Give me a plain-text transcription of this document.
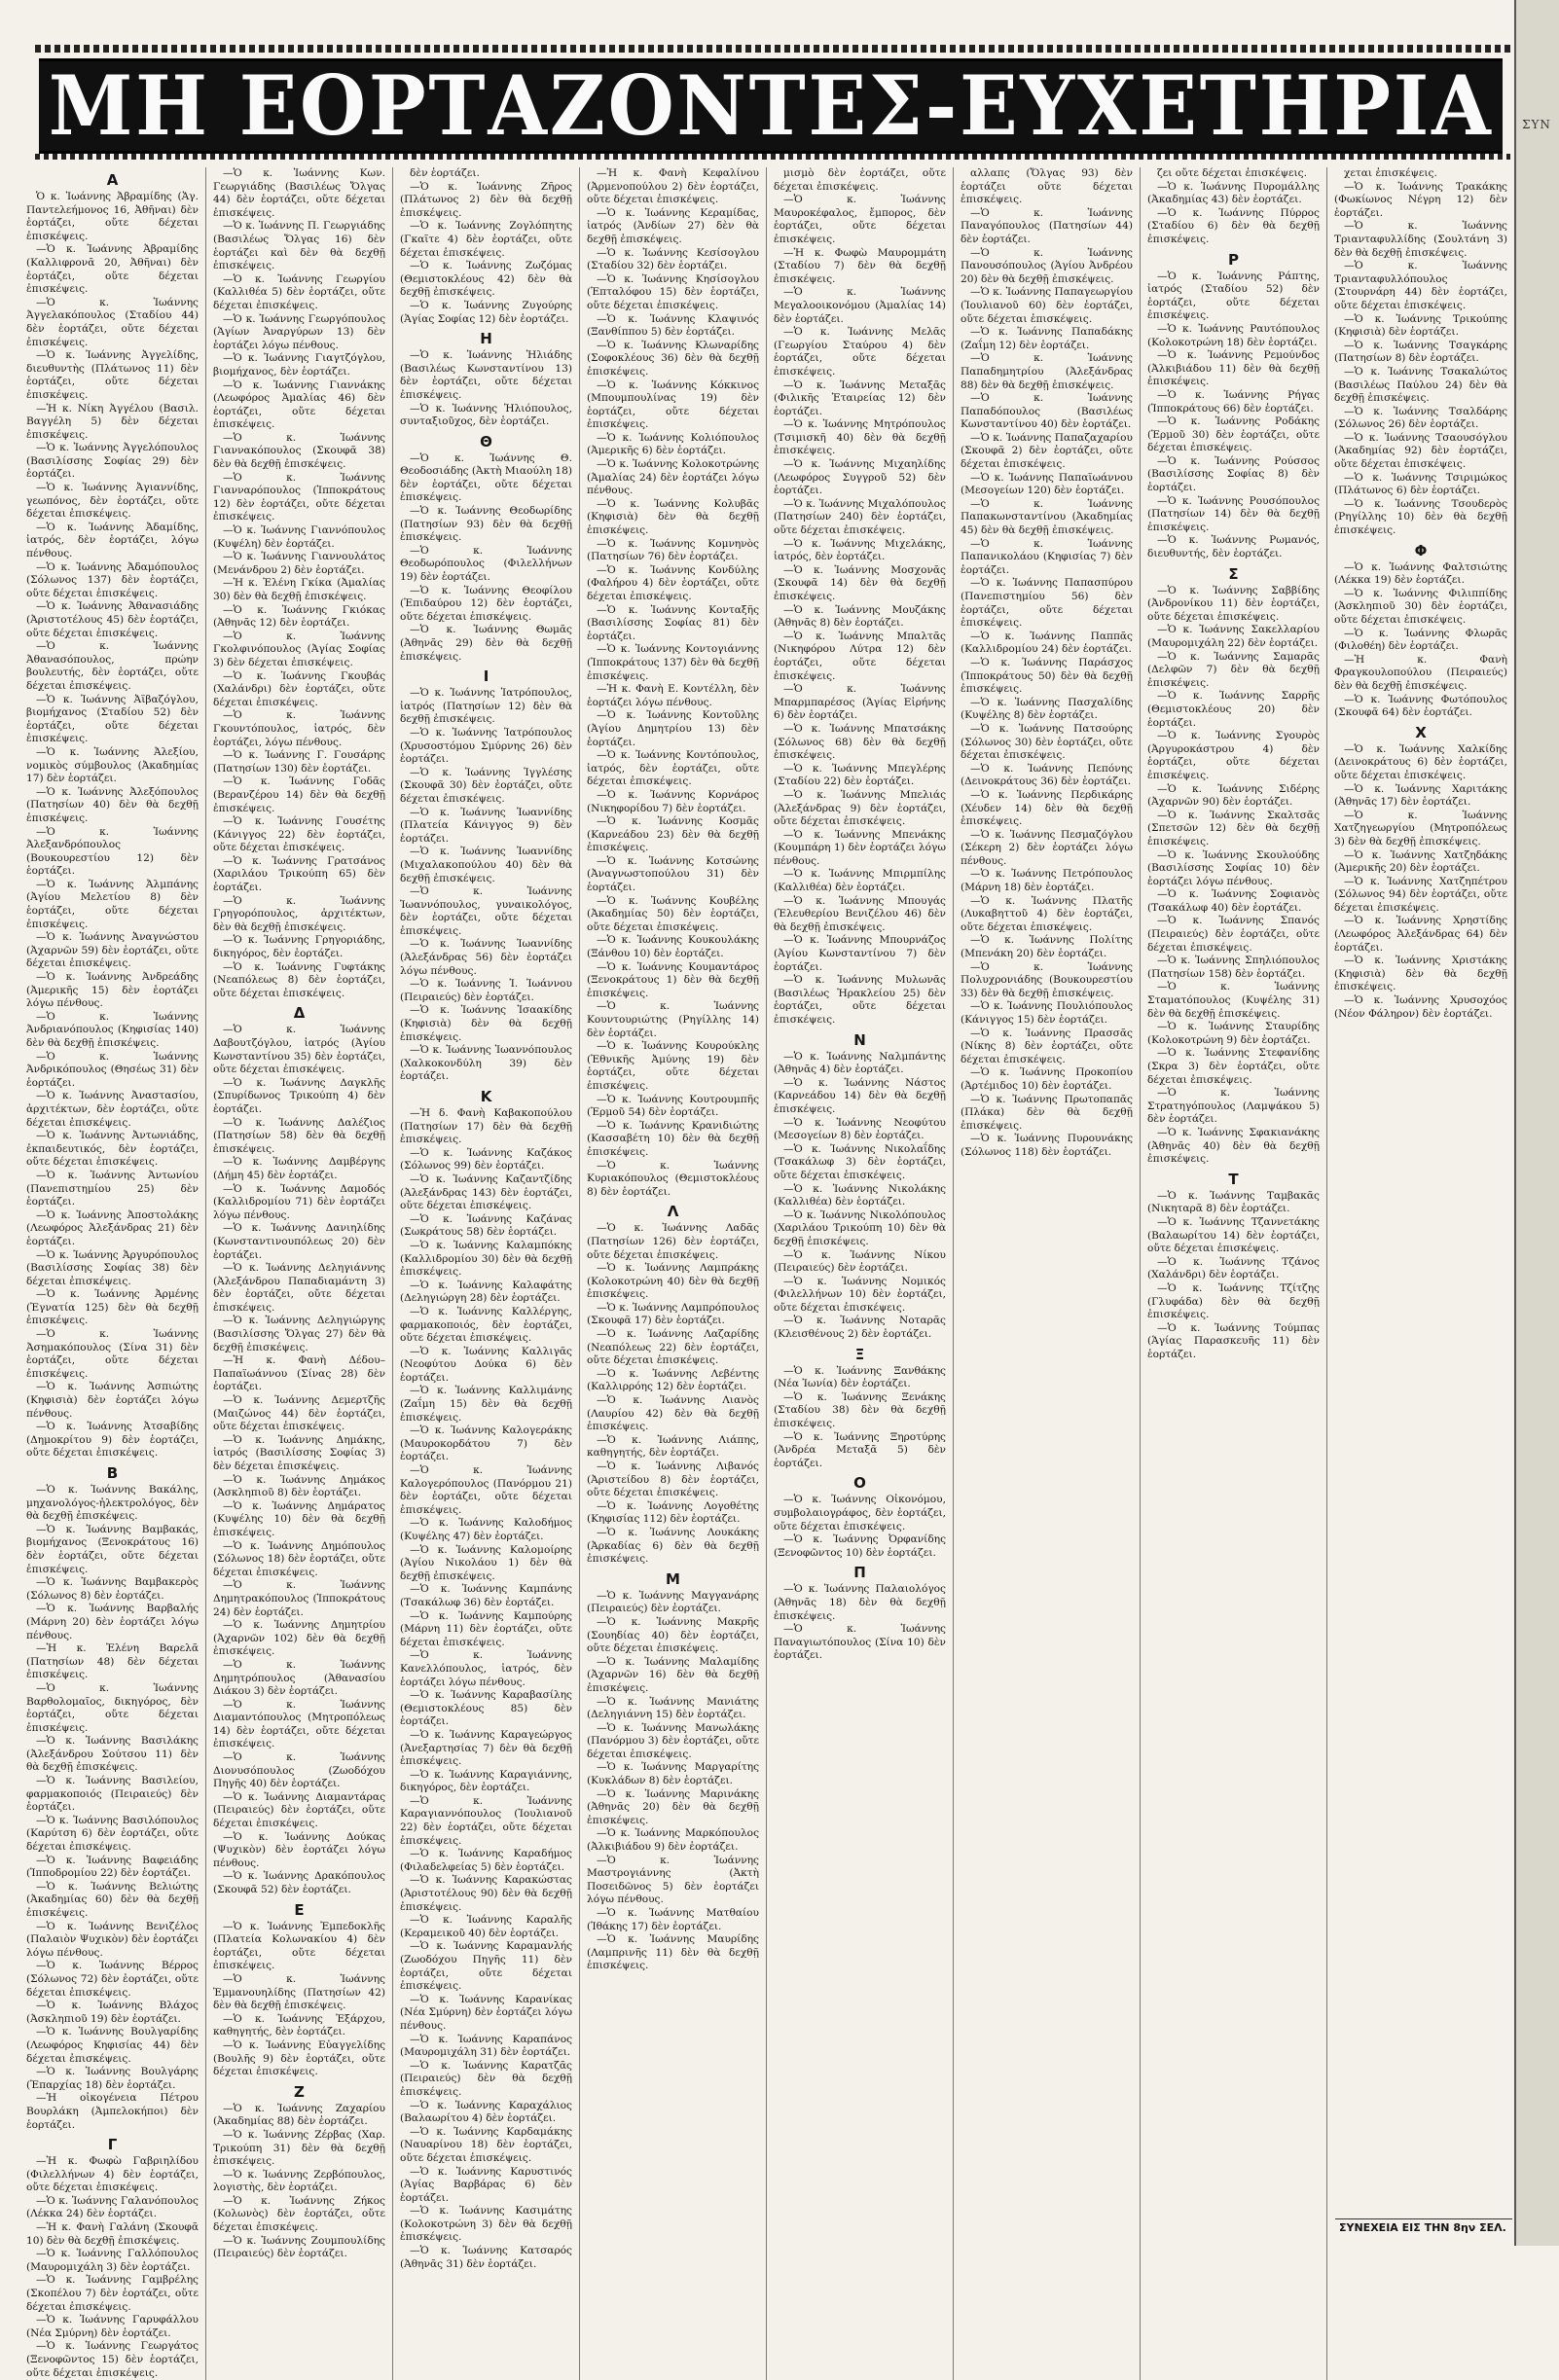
ΣΥΝ
ΜΗ ΕΟΡΤΑΖΟΝΤΕΣ-ΕΥΧΕΤΗΡΙΑ
Α
Ὁ κ. Ἰωάννης Ἀβραμίδης (Ἁγ. Παντελεήμονος 16, Ἀθῆναι) δὲν ἑορτάζει, οὔτε δέχεται ἐπισκέψεις.
—Ὁ κ. Ἰωάννης Ἀβραμίδης (Καλλιφρονᾶ 20, Ἀθῆναι) δὲν ἑορτάζει, οὔτε δέχεται ἐπισκέψεις.
—Ὁ κ. Ἰωάννης Ἀγγελακόπουλος (Σταδίου 44) δὲν ἑορτάζει, οὔτε δέχεται ἐπισκέψεις.
—Ὁ κ. Ἰωάννης Ἀγγελίδης, διευθυντὴς (Πλάτωνος 11) δὲν ἑορτάζει, οὔτε δέχεται ἐπισκέψεις.
—Ἡ κ. Νίκη Ἀγγέλου (Βασιλ. Βαγγέλη 5) δὲν δέχεται ἐπισκέψεις.
—Ὁ κ. Ἰωάννης Ἀγγελόπουλος (Βασιλίσσης Σοφίας 29) δὲν ἑορτάζει.
—Ὁ κ. Ἰωάννης Ἀγιαννίδης, γεωπόνος, δὲν ἑορτάζει, οὔτε δέχεται ἐπισκέψεις.
—Ὁ κ. Ἰωάννης Ἀδαμίδης, ἰατρός, δὲν ἑορτάζει, λόγω πένθους.
—Ὁ κ. Ἰωάννης Ἀδαμόπουλος (Σόλωνος 137) δὲν ἑορτάζει, οὔτε δέχεται ἐπισκέψεις.
—Ὁ κ. Ἰωάννης Ἀθανασιάδης (Ἀριστοτέλους 45) δὲν ἑορτάζει, οὔτε δέχεται ἐπισκέψεις.
—Ὁ κ. Ἰωάννης Ἀθανασόπουλος, πρώην βουλευτής, δὲν ἑορτάζει, οὔτε δέχεται ἐπισκέψεις.
—Ὁ κ. Ἰωάννης Ἀϊβαζόγλου, βιομήχανος (Σταδίου 52) δὲν ἑορτάζει, οὔτε δέχεται ἐπισκέψεις.
—Ὁ κ. Ἰωάννης Ἀλεξίου, νομικὸς σύμβουλος (Ἀκαδημίας 17) δὲν ἑορτάζει.
—Ὁ κ. Ἰωάννης Ἀλεξόπουλος (Πατησίων 40) δὲν θὰ δεχθῇ ἐπισκέψεις.
—Ὁ κ. Ἰωάννης Ἀλεξανδρόπουλος (Βουκουρεστίου 12) δὲν ἑορτάζει.
—Ὁ κ. Ἰωάννης Ἀλμπάνης (Ἀγίου Μελετίου 8) δὲν ἑορτάζει, οὔτε δέχεται ἐπισκέψεις.
—Ὁ κ. Ἰωάννης Ἀναγνώστου (Ἀχαρνῶν 59) δὲν ἑορτάζει, οὔτε δέχεται ἐπισκέψεις.
—Ὁ κ. Ἰωάννης Ἀνδρεάδης (Ἀμερικῆς 15) δὲν ἑορτάζει λόγω πένθους.
—Ὁ κ. Ἰωάννης Ἀνδριανόπουλος (Κηφισίας 140) δὲν θὰ δεχθῇ ἐπισκέψεις.
—Ὁ κ. Ἰωάννης Ἀνδρικόπουλος (Θησέως 31) δὲν ἑορτάζει.
—Ὁ κ. Ἰωάννης Ἀναστασίου, ἀρχιτέκτων, δὲν ἑορτάζει, οὔτε δέχεται ἐπισκέψεις.
—Ὁ κ. Ἰωάννης Ἀντωνιάδης, ἐκπαιδευτικός, δὲν ἑορτάζει, οὔτε δέχεται ἐπισκέψεις.
—Ὁ κ. Ἰωάννης Ἀντωνίου (Πανεπιστημίου 25) δὲν ἑορτάζει.
—Ὁ κ. Ἰωάννης Ἀποστολάκης (Λεωφόρος Ἀλεξάνδρας 21) δὲν ἑορτάζει.
—Ὁ κ. Ἰωάννης Ἀργυρόπουλος (Βασιλίσσης Σοφίας 38) δὲν δέχεται ἐπισκέψεις.
—Ὁ κ. Ἰωάννης Ἀρμένης (Ἐγνατία 125) δὲν θὰ δεχθῇ ἐπισκέψεις.
—Ὁ κ. Ἰωάννης Ἀσημακόπουλος (Σίνα 31) δὲν ἑορτάζει, οὔτε δέχεται ἐπισκέψεις.
—Ὁ κ. Ἰωάννης Ἀσπιώτης (Κηφισιὰ) δὲν ἑορτάζει λόγω πένθους.
—Ὁ κ. Ἰωάννης Ἀτσαβίδης (Δημοκρίτου 9) δὲν ἑορτάζει, οὔτε δέχεται ἐπισκέψεις.
Β
—Ὁ κ. Ἰωάννης Βακάλης, μηχανολόγος-ἠλεκτρολόγος, δὲν θὰ δεχθῇ ἐπισκέψεις.
—Ὁ κ. Ἰωάννης Βαμβακάς, βιομήχανος (Ξενοκράτους 16) δὲν ἑορτάζει, οὔτε δέχεται ἐπισκέψεις.
—Ὁ κ. Ἰωάννης Βαμβακερὸς (Σόλωνος 8) δὲν ἑορτάζει.
—Ὁ κ. Ἰωάννης Βαρβαλής (Μάρνη 20) δὲν ἑορτάζει λόγω πένθους.
—Ἡ κ. Ἑλένη Βαρελᾶ (Πατησίων 48) δὲν δέχεται ἐπισκέψεις.
—Ὁ κ. Ἰωάννης Βαρθολομαῖος, δικηγόρος, δὲν ἑορτάζει, οὔτε δέχεται ἐπισκέψεις.
—Ὁ κ. Ἰωάννης Βασιλάκης (Ἀλεξάνδρου Σούτσου 11) δὲν θὰ δεχθῇ ἐπισκέψεις.
—Ὁ κ. Ἰωάννης Βασιλείου, φαρμακοποιός (Πειραιεύς) δὲν ἑορτάζει.
—Ὁ κ. Ἰωάννης Βασιλόπουλος (Καρύτση 6) δὲν ἑορτάζει, οὔτε δέχεται ἐπισκέψεις.
—Ὁ κ. Ἰωάννης Βαφειάδης (Ἱπποδρομίου 22) δὲν ἑορτάζει.
—Ὁ κ. Ἰωάννης Βελιώτης (Ἀκαδημίας 60) δὲν θὰ δεχθῇ ἐπισκέψεις.
—Ὁ κ. Ἰωάννης Βενιζέλος (Παλαιὸν Ψυχικὸν) δὲν ἑορτάζει λόγω πένθους.
—Ὁ κ. Ἰωάννης Βέρρος (Σόλωνος 72) δὲν ἑορτάζει, οὔτε δέχεται ἐπισκέψεις.
—Ὁ κ. Ἰωάννης Βλάχος (Ἀσκληπιοῦ 19) δὲν ἑορτάζει.
—Ὁ κ. Ἰωάννης Βουλγαρίδης (Λεωφόρος Κηφισίας 44) δὲν δέχεται ἐπισκέψεις.
—Ὁ κ. Ἰωάννης Βουλγάρης (Ἐπαρχίας 18) δὲν ἑορτάζει.
—Ἡ οἰκογένεια Πέτρου Βουρλάκη (Ἀμπελοκήποι) δὲν ἑορτάζει.
Γ
—Ἡ κ. Φωφὼ Γαβριηλίδου (Φιλελλήνων 4) δὲν ἑορτάζει, οὔτε δέχεται ἐπισκέψεις.
—Ὁ κ. Ἰωάννης Γαλανόπουλος (Λέκκα 24) δὲν ἑορτάζει.
—Ἡ κ. Φανὴ Γαλάνη (Σκουφᾶ 10) δὲν θὰ δεχθῇ ἐπισκέψεις.
—Ὁ κ. Ἰωάννης Γαλλόπουλος (Μαυρομιχάλη 3) δὲν ἑορτάζει.
—Ὁ κ. Ἰωάννης Γαμβρέλης (Σκοπέλου 7) δὲν ἑορτάζει, οὔτε δέχεται ἐπισκέψεις.
—Ὁ κ. Ἰωάννης Γαρυφάλλου (Νέα Σμύρνη) δὲν ἑορτάζει.
—Ὁ κ. Ἰωάννης Γεωργάτος (Ξενοφῶντος 15) δὲν ἑορτάζει, οὔτε δέχεται ἐπισκέψεις.
—Ὁ κ. Ἰωάννης Κων. Γεωργιάδης (Βασιλέως Ὄλγας 44) δὲν ἑορτάζει, οὔτε δέχεται ἐπισκέψεις.
—Ὁ κ. Ἰωάννης Π. Γεωργιάδης (Βασιλέως Ὄλγας 16) δὲν ἑορτάζει καὶ δὲν θὰ δεχθῇ ἐπισκέψεις.
—Ὁ κ. Ἰωάννης Γεωργίου (Καλλιθέα 5) δὲν ἑορτάζει, οὔτε δέχεται ἐπισκέψεις.
—Ὁ κ. Ἰωάννης Γεωργόπουλος (Ἁγίων Ἀναργύρων 13) δὲν ἑορτάζει λόγω πένθους.
—Ὁ κ. Ἰωάννης Γιαγτζόγλου, βιομήχανος, δὲν ἑορτάζει.
—Ὁ κ. Ἰωάννης Γιαννάκης (Λεωφόρος Ἀμαλίας 46) δὲν ἑορτάζει, οὔτε δέχεται ἐπισκέψεις.
—Ὁ κ. Ἰωάννης Γιαννακόπουλος (Σκουφᾶ 38) δὲν θὰ δεχθῇ ἐπισκέψεις.
—Ὁ κ. Ἰωάννης Γιανναρόπουλος (Ἱπποκράτους 12) δὲν ἑορτάζει, οὔτε δέχεται ἐπισκέψεις.
—Ὁ κ. Ἰωάννης Γιαννόπουλος (Κυψέλη) δὲν ἑορτάζει.
—Ὁ κ. Ἰωάννης Γιαννουλάτος (Μενάνδρου 2) δὲν ἑορτάζει.
—Ἡ κ. Ἑλένη Γκίκα (Ἀμαλίας 30) δὲν θὰ δεχθῇ ἐπισκέψεις.
—Ὁ κ. Ἰωάννης Γκιόκας (Ἀθηνᾶς 12) δὲν ἑορτάζει.
—Ὁ κ. Ἰωάννης Γκολφινόπουλος (Ἀγίας Σοφίας 3) δὲν δέχεται ἐπισκέψεις.
—Ὁ κ. Ἰωάννης Γκουβάς (Χαλάνδρι) δὲν ἑορτάζει, οὔτε δέχεται ἐπισκέψεις.
—Ὁ κ. Ἰωάννης Γκουντόπουλος, ἰατρός, δὲν ἑορτάζει, λόγω πένθους.
—Ὁ κ. Ἰωάννης Γ. Γουσάρης (Πατησίων 130) δὲν ἑορτάζει.
—Ὁ κ. Ἰωάννης Γοδᾶς (Βερανζέρου 14) δὲν θὰ δεχθῇ ἐπισκέψεις.
—Ὁ κ. Ἰωάννης Γουσέτης (Κάνιγγος 22) δὲν ἑορτάζει, οὔτε δέχεται ἐπισκέψεις.
—Ὁ κ. Ἰωάννης Γρατσάνος (Χαριλάου Τρικούπη 65) δὲν ἑορτάζει.
—Ὁ κ. Ἰωάννης Γρηγορόπουλος, ἀρχιτέκτων, δὲν θὰ δεχθῇ ἐπισκέψεις.
—Ὁ κ. Ἰωάννης Γρηγοριάδης, δικηγόρος, δὲν ἑορτάζει.
—Ὁ κ. Ἰωάννης Γυφτάκης (Νεαπόλεως 8) δὲν ἑορτάζει, οὔτε δέχεται ἐπισκέψεις.
Δ
—Ὁ κ. Ἰωάννης Δαβουτζόγλου, ἰατρός (Ἀγίου Κωνσταντίνου 35) δὲν ἑορτάζει, οὔτε δέχεται ἐπισκέψεις.
—Ὁ κ. Ἰωάννης Δαγκλῆς (Σπυρίδωνος Τρικούπη 4) δὲν ἑορτάζει.
—Ὁ κ. Ἰωάννης Δαλέζιος (Πατησίων 58) δὲν θὰ δεχθῇ ἐπισκέψεις.
—Ὁ κ. Ἰωάννης Δαμβέργης (Δήμη 45) δὲν ἑορτάζει.
—Ὁ κ. Ἰωάννης Δαμοδός (Καλλιδρομίου 71) δὲν ἑορτάζει λόγω πένθους.
—Ὁ κ. Ἰωάννης Δανιηλίδης (Κωνσταντινουπόλεως 20) δὲν ἑορτάζει.
—Ὁ κ. Ἰωάννης Δεληγιάννης (Ἀλεξάνδρου Παπαδιαμάντη 3) δὲν ἑορτάζει, οὔτε δέχεται ἐπισκέψεις.
—Ὁ κ. Ἰωάννης Δεληγιώργης (Βασιλίσσης Ὄλγας 27) δὲν θὰ δεχθῇ ἐπισκέψεις.
—Ἡ κ. Φανὴ Δέδου–Παπαϊωάννου (Σίνας 28) δὲν ἑορτάζει.
—Ὁ κ. Ἰωάννης Δεμερτζῆς (Μαιζώνος 44) δὲν ἑορτάζει, οὔτε δέχεται ἐπισκέψεις.
—Ὁ κ. Ἰωάννης Δημάκης, ἰατρός (Βασιλίσσης Σοφίας 3) δὲν δέχεται ἐπισκέψεις.
—Ὁ κ. Ἰωάννης Δημάκος (Ἀσκληπιοῦ 8) δὲν ἑορτάζει.
—Ὁ κ. Ἰωάννης Δημάρατος (Κυψέλης 10) δὲν θὰ δεχθῇ ἐπισκέψεις.
—Ὁ κ. Ἰωάννης Δημόπουλος (Σόλωνος 18) δὲν ἑορτάζει, οὔτε δέχεται ἐπισκέψεις.
—Ὁ κ. Ἰωάννης Δημητρακόπουλος (Ἱπποκράτους 24) δὲν ἑορτάζει.
—Ὁ κ. Ἰωάννης Δημητρίου (Ἀχαρνῶν 102) δὲν θὰ δεχθῇ ἐπισκέψεις.
—Ὁ κ. Ἰωάννης Δημητρόπουλος (Ἀθανασίου Διάκου 3) δὲν ἑορτάζει.
—Ὁ κ. Ἰωάννης Διαμαντόπουλος (Μητροπόλεως 14) δὲν ἑορτάζει, οὔτε δέχεται ἐπισκέψεις.
—Ὁ κ. Ἰωάννης Διονυσόπουλος (Ζωοδόχου Πηγῆς 40) δὲν ἑορτάζει.
—Ὁ κ. Ἰωάννης Διαμαντάρας (Πειραιεύς) δὲν ἑορτάζει, οὔτε δέχεται ἐπισκέψεις.
—Ὁ κ. Ἰωάννης Δούκας (Ψυχικὸν) δὲν ἑορτάζει λόγω πένθους.
—Ὁ κ. Ἰωάννης Δρακόπουλος (Σκουφᾶ 52) δὲν ἑορτάζει.
Ε
—Ὁ κ. Ἰωάννης Ἐμπεδοκλῆς (Πλατεία Κολωνακίου 4) δὲν ἑορτάζει, οὔτε δέχεται ἐπισκέψεις.
—Ὁ κ. Ἰωάννης Ἐμμανουηλίδης (Πατησίων 42) δὲν θὰ δεχθῇ ἐπισκέψεις.
—Ὁ κ. Ἰωάννης Ἐξάρχου, καθηγητής, δὲν ἑορτάζει.
—Ὁ κ. Ἰωάννης Εὐαγγελίδης (Βουλῆς 9) δὲν ἑορτάζει, οὔτε δέχεται ἐπισκέψεις.
Ζ
—Ὁ κ. Ἰωάννης Ζαχαρίου (Ἀκαδημίας 88) δὲν ἑορτάζει.
—Ὁ κ. Ἰωάννης Ζέρβας (Χαρ. Τρικούπη 31) δὲν θὰ δεχθῇ ἐπισκέψεις.
—Ὁ κ. Ἰωάννης Ζερβόπουλος, λογιστὴς, δὲν ἑορτάζει.
—Ὁ κ. Ἰωάννης Ζήκος (Κολωνὸς) δὲν ἑορτάζει, οὔτε δέχεται ἐπισκέψεις.
—Ὁ κ. Ἰωάννης Ζουμπουλίδης (Πειραιεύς) δὲν ἑορτάζει.
δὲν ἑορτάζει.
—Ὁ κ. Ἰωάννης Ζῆρος (Πλάτωνος 2) δὲν θὰ δεχθῇ ἐπισκέψεις.
—Ὁ κ. Ἰωάννης Ζογλόπητης (Γκαῖτε 4) δὲν ἑορτάζει, οὔτε δέχεται ἐπισκέψεις.
—Ὁ κ. Ἰωάννης Ζωζόμας (Θεμιστοκλέους 42) δὲν θὰ δεχθῇ ἐπισκέψεις.
—Ὁ κ. Ἰωάννης Ζυγούρης (Ἁγίας Σοφίας 12) δὲν ἑορτάζει.
Η
—Ὁ κ. Ἰωάννης Ἠλιάδης (Βασιλέως Κωνσταντίνου 13) δὲν ἑορτάζει, οὔτε δέχεται ἐπισκέψεις.
—Ὁ κ. Ἰωάννης Ἠλιόπουλος, συνταξιοῦχος, δὲν ἑορτάζει.
Θ
—Ὁ κ. Ἰωάννης Θ. Θεοδοσιάδης (Ἀκτὴ Μιαούλη 18) δὲν ἑορτάζει, οὔτε δέχεται ἐπισκέψεις.
—Ὁ κ. Ἰωάννης Θεοδωρίδης (Πατησίων 93) δὲν θὰ δεχθῇ ἐπισκέψεις.
—Ὁ κ. Ἰωάννης Θεοδωρόπουλος (Φιλελλήνων 19) δὲν ἑορτάζει.
—Ὁ κ. Ἰωάννης Θεοφίλου (Ἐπιδαύρου 12) δὲν ἑορτάζει, οὔτε δέχεται ἐπισκέψεις.
—Ὁ κ. Ἰωάννης Θωμᾶς (Ἀθηνᾶς 29) δὲν θὰ δεχθῇ ἐπισκέψεις.
Ι
—Ὁ κ. Ἰωάννης Ἰατρόπουλος, ἰατρός (Πατησίων 12) δὲν θὰ δεχθῇ ἐπισκέψεις.
—Ὁ κ. Ἰωάννης Ἰατρόπουλος (Χρυσοστόμου Σμύρνης 26) δὲν ἑορτάζει.
—Ὁ κ. Ἰωάννης Ἰγγλέσης (Σκουφᾶ 30) δὲν ἑορτάζει, οὔτε δέχεται ἐπισκέψεις.
—Ὁ κ. Ἰωάννης Ἰωαννίδης (Πλατεία Κάνιγγος 9) δὲν ἑορτάζει.
—Ὁ κ. Ἰωάννης Ἰωαννίδης (Μιχαλακοπούλου 40) δὲν θὰ δεχθῇ ἐπισκέψεις.
—Ὁ κ. Ἰωάννης Ἰωαννόπουλος, γυναικολόγος, δὲν ἑορτάζει, οὔτε δέχεται ἐπισκέψεις.
—Ὁ κ. Ἰωάννης Ἰωαννίδης (Ἀλεξάνδρας 56) δὲν ἑορτάζει λόγω πένθους.
—Ὁ κ. Ἰωάννης Ἰ. Ἰωάννου (Πειραιεύς) δὲν ἑορτάζει.
—Ὁ κ. Ἰωάννης Ἰσαακίδης (Κηφισιὰ) δὲν θὰ δεχθῇ ἐπισκέψεις.
—Ὁ κ. Ἰωάννης Ἰωαννόπουλος (Χαλκοκονδύλη 39) δὲν ἑορτάζει.
Κ
—Ἡ δ. Φανὴ Καβακοπούλου (Πατησίων 17) δὲν θὰ δεχθῇ ἐπισκέψεις.
—Ὁ κ. Ἰωάννης Καζάκος (Σόλωνος 99) δὲν ἑορτάζει.
—Ὁ κ. Ἰωάννης Καζαντζίδης (Ἀλεξάνδρας 143) δὲν ἑορτάζει, οὔτε δέχεται ἐπισκέψεις.
—Ὁ κ. Ἰωάννης Καζάνας (Σωκράτους 58) δὲν ἑορτάζει.
—Ὁ κ. Ἰωάννης Καλαμπόκης (Καλλιδρομίου 30) δὲν θὰ δεχθῇ ἐπισκέψεις.
—Ὁ κ. Ἰωάννης Καλαφάτης (Δεληγιώργη 28) δὲν ἑορτάζει.
—Ὁ κ. Ἰωάννης Καλλέργης, φαρμακοποιός, δὲν ἑορτάζει, οὔτε δέχεται ἐπισκέψεις.
—Ὁ κ. Ἰωάννης Καλλιγᾶς (Νεοφύτου Δούκα 6) δὲν ἑορτάζει.
—Ὁ κ. Ἰωάννης Καλλιμάνης (Ζαΐμη 15) δὲν θὰ δεχθῇ ἐπισκέψεις.
—Ὁ κ. Ἰωάννης Καλογεράκης (Μαυροκορδάτου 7) δὲν ἑορτάζει.
—Ὁ κ. Ἰωάννης Καλογερόπουλος (Πανόρμου 21) δὲν ἑορτάζει, οὔτε δέχεται ἐπισκέψεις.
—Ὁ κ. Ἰωάννης Καλοδήμος (Κυψέλης 47) δὲν ἑορτάζει.
—Ὁ κ. Ἰωάννης Καλομοίρης (Ἀγίου Νικολάου 1) δὲν θὰ δεχθῇ ἐπισκέψεις.
—Ὁ κ. Ἰωάννης Καμπάνης (Τσακάλωφ 36) δὲν ἑορτάζει.
—Ὁ κ. Ἰωάννης Καμπούρης (Μάρνη 11) δὲν ἑορτάζει, οὔτε δέχεται ἐπισκέψεις.
—Ὁ κ. Ἰωάννης Κανελλόπουλος, ἰατρός, δὲν ἑορτάζει λόγω πένθους.
—Ὁ κ. Ἰωάννης Καραβασίλης (Θεμιστοκλέους 85) δὲν ἑορτάζει.
—Ὁ κ. Ἰωάννης Καραγεώργος (Ἀνεξαρτησίας 7) δὲν θὰ δεχθῇ ἐπισκέψεις.
—Ὁ κ. Ἰωάννης Καραγιάννης, δικηγόρος, δὲν ἑορτάζει.
—Ὁ κ. Ἰωάννης Καραγιαννόπουλος (Ἰουλιανοῦ 22) δὲν ἑορτάζει, οὔτε δέχεται ἐπισκέψεις.
—Ὁ κ. Ἰωάννης Καραδήμος (Φιλαδελφείας 5) δὲν ἑορτάζει.
—Ὁ κ. Ἰωάννης Καρακώστας (Ἀριστοτέλους 90) δὲν θὰ δεχθῇ ἐπισκέψεις.
—Ὁ κ. Ἰωάννης Καραλῆς (Κεραμεικοῦ 40) δὲν ἑορτάζει.
—Ὁ κ. Ἰωάννης Καραμανλής (Ζωοδόχου Πηγῆς 11) δὲν ἑορτάζει, οὔτε δέχεται ἐπισκέψεις.
—Ὁ κ. Ἰωάννης Καρανίκας (Νέα Σμύρνη) δὲν ἑορτάζει λόγω πένθους.
—Ὁ κ. Ἰωάννης Καραπάνος (Μαυρομιχάλη 31) δὲν ἑορτάζει.
—Ὁ κ. Ἰωάννης Καρατζᾶς (Πειραιεύς) δὲν θὰ δεχθῇ ἐπισκέψεις.
—Ὁ κ. Ἰωάννης Καραχάλιος (Βαλαωρίτου 4) δὲν ἑορτάζει.
—Ὁ κ. Ἰωάννης Καρδαμάκης (Ναυαρίνου 18) δὲν ἑορτάζει, οὔτε δέχεται ἐπισκέψεις.
—Ὁ κ. Ἰωάννης Καρυστινός (Ἀγίας Βαρβάρας 6) δὲν ἑορτάζει.
—Ὁ κ. Ἰωάννης Κασιμάτης (Κολοκοτρώνη 3) δὲν θὰ δεχθῇ ἐπισκέψεις.
—Ὁ κ. Ἰωάννης Κατσαρός (Ἀθηνᾶς 31) δὲν ἑορτάζει.
—Ἡ κ. Φανὴ Κεφαλίνου (Ἀρμενοπούλου 2) δὲν ἑορτάζει, οὔτε δέχεται ἐπισκέψεις.
—Ὁ κ. Ἰωάννης Κεραμίδας, ἰατρός (Ἀνδίων 27) δὲν θὰ δεχθῇ ἐπισκέψεις.
—Ὁ κ. Ἰωάννης Κεσίσογλου (Σταδίου 32) δὲν ἑορτάζει.
—Ὁ κ. Ἰωάννης Κησίσογλου (Ἐπταλόφου 15) δὲν ἑορτάζει, οὔτε δέχεται ἐπισκέψεις.
—Ὁ κ. Ἰωάννης Κλαψινός (Ξανθίππου 5) δὲν ἑορτάζει.
—Ὁ κ. Ἰωάννης Κλωναρίδης (Σοφοκλέους 36) δὲν θὰ δεχθῇ ἐπισκέψεις.
—Ὁ κ. Ἰωάννης Κόκκινος (Μπουμπουλίνας 19) δὲν ἑορτάζει, οὔτε δέχεται ἐπισκέψεις.
—Ὁ κ. Ἰωάννης Κολιόπουλος (Ἀμερικῆς 6) δὲν ἑορτάζει.
—Ὁ κ. Ἰωάννης Κολοκοτρώνης (Ἀμαλίας 24) δὲν ἑορτάζει λόγω πένθους.
—Ὁ κ. Ἰωάννης Κολυβᾶς (Κηφισιὰ) δὲν θὰ δεχθῇ ἐπισκέψεις.
—Ὁ κ. Ἰωάννης Κομνηνὸς (Πατησίων 76) δὲν ἑορτάζει.
—Ὁ κ. Ἰωάννης Κονδύλης (Φαλήρου 4) δὲν ἑορτάζει, οὔτε δέχεται ἐπισκέψεις.
—Ὁ κ. Ἰωάννης Κονταξῆς (Βασιλίσσης Σοφίας 81) δὲν ἑορτάζει.
—Ὁ κ. Ἰωάννης Κοντογιάννης (Ἰπποκράτους 137) δὲν θὰ δεχθῇ ἐπισκέψεις.
—Ἡ κ. Φανὴ Ε. Κοντέλλη, δὲν ἑορτάζει λόγω πένθους.
—Ὁ κ. Ἰωάννης Κοντοῦλης (Ἀγίου Δημητρίου 13) δὲν ἑορτάζει.
—Ὁ κ. Ἰωάννης Κοντόπουλος, ἰατρός, δὲν ἑορτάζει, οὔτε δέχεται ἐπισκέψεις.
—Ὁ κ. Ἰωάννης Κορνάρος (Νικηφορίδου 7) δὲν ἑορτάζει.
—Ὁ κ. Ἰωάννης Κοσμᾶς (Καρνεάδου 23) δὲν θὰ δεχθῇ ἐπισκέψεις.
—Ὁ κ. Ἰωάννης Κοτσώνης (Ἀναγνωστοπούλου 31) δὲν ἑορτάζει.
—Ὁ κ. Ἰωάννης Κουβέλης (Ἀκαδημίας 50) δὲν ἑορτάζει, οὔτε δέχεται ἐπισκέψεις.
—Ὁ κ. Ἰωάννης Κουκουλάκης (Ξάνθου 10) δὲν ἑορτάζει.
—Ὁ κ. Ἰωάννης Κουμαντάρος (Ξενοκράτους 1) δὲν θὰ δεχθῇ ἐπισκέψεις.
—Ὁ κ. Ἰωάννης Κουντουριώτης (Ρηγίλλης 14) δὲν ἑορτάζει.
—Ὁ κ. Ἰωάννης Κουρούκλης (Ἐθνικῆς Ἀμύνης 19) δὲν ἑορτάζει, οὔτε δέχεται ἐπισκέψεις.
—Ὁ κ. Ἰωάννης Κουτρουμπῆς (Ἐρμοῦ 54) δὲν ἑορτάζει.
—Ὁ κ. Ἰωάννης Κρανιδιώτης (Κασσαβέτη 10) δὲν θὰ δεχθῇ ἐπισκέψεις.
—Ὁ κ. Ἰωάννης Κυριακόπουλος (Θεμιστοκλέους 8) δὲν ἑορτάζει.
Λ
—Ὁ κ. Ἰωάννης Λαδᾶς (Πατησίων 126) δὲν ἑορτάζει, οὔτε δέχεται ἐπισκέψεις.
—Ὁ κ. Ἰωάννης Λαμπράκης (Κολοκοτρώνη 40) δὲν θὰ δεχθῇ ἐπισκέψεις.
—Ὁ κ. Ἰωάννης Λαμπρόπουλος (Σκουφᾶ 17) δὲν ἑορτάζει.
—Ὁ κ. Ἰωάννης Λαζαρίδης (Νεαπόλεως 22) δὲν ἑορτάζει, οὔτε δέχεται ἐπισκέψεις.
—Ὁ κ. Ἰωάννης Λεβέντης (Καλλιρρόης 12) δὲν ἑορτάζει.
—Ὁ κ. Ἰωάννης Λιανὸς (Λαυρίου 42) δὲν θὰ δεχθῇ ἐπισκέψεις.
—Ὁ κ. Ἰωάννης Λιάπης, καθηγητής, δὲν ἑορτάζει.
—Ὁ κ. Ἰωάννης Λιβανός (Ἀριστείδου 8) δὲν ἑορτάζει, οὔτε δέχεται ἐπισκέψεις.
—Ὁ κ. Ἰωάννης Λογοθέτης (Κηφισίας 112) δὲν ἑορτάζει.
—Ὁ κ. Ἰωάννης Λουκάκης (Ἀρκαδίας 6) δὲν θὰ δεχθῇ ἐπισκέψεις.
Μ
—Ὁ κ. Ἰωάννης Μαγγανάρης (Πειραιεύς) δὲν ἑορτάζει.
—Ὁ κ. Ἰωάννης Μακρῆς (Σουηδίας 40) δὲν ἑορτάζει, οὔτε δέχεται ἐπισκέψεις.
—Ὁ κ. Ἰωάννης Μαλαμίδης (Ἀχαρνῶν 16) δὲν θὰ δεχθῇ ἐπισκέψεις.
—Ὁ κ. Ἰωάννης Μανιάτης (Δεληγιάννη 15) δὲν ἑορτάζει.
—Ὁ κ. Ἰωάννης Μανωλάκης (Πανόρμου 3) δὲν ἑορτάζει, οὔτε δέχεται ἐπισκέψεις.
—Ὁ κ. Ἰωάννης Μαργαρίτης (Κυκλάδων 8) δὲν ἑορτάζει.
—Ὁ κ. Ἰωάννης Μαρινάκης (Ἀθηνᾶς 20) δὲν θὰ δεχθῇ ἐπισκέψεις.
—Ὁ κ. Ἰωάννης Μαρκόπουλος (Ἀλκιβιάδου 9) δὲν ἑορτάζει.
—Ὁ κ. Ἰωάννης Μαστρογιάννης (Ἀκτὴ Ποσειδῶνος 5) δὲν ἑορτάζει λόγω πένθους.
—Ὁ κ. Ἰωάννης Ματθαίου (Ἰθάκης 17) δὲν ἑορτάζει.
—Ὁ κ. Ἰωάννης Μαυρίδης (Λαμπρινῆς 11) δὲν θὰ δεχθῇ ἐπισκέψεις.
μισμὸ δὲν ἑορτάζει, οὔτε δέχεται ἐπισκέψεις.
—Ὁ κ. Ἰωάννης Μαυροκέφαλος, ἔμπορος, δὲν ἑορτάζει, οὔτε δέχεται ἐπισκέψεις.
—Ἡ κ. Φωφὼ Μαυρομμάτη (Σταδίου 7) δὲν θὰ δεχθῇ ἐπισκέψεις.
—Ὁ κ. Ἰωάννης Μεγαλοοικονόμου (Ἀμαλίας 14) δὲν ἑορτάζει.
—Ὁ κ. Ἰωάννης Μελᾶς (Γεωργίου Σταύρου 4) δὲν ἑορτάζει, οὔτε δέχεται ἐπισκέψεις.
—Ὁ κ. Ἰωάννης Μεταξᾶς (Φιλικῆς Ἑταιρείας 12) δὲν ἑορτάζει.
—Ὁ κ. Ἰωάννης Μητρόπουλος (Τσιμισκῆ 40) δὲν θὰ δεχθῇ ἐπισκέψεις.
—Ὁ κ. Ἰωάννης Μιχαηλίδης (Λεωφόρος Συγγροῦ 52) δὲν ἑορτάζει.
—Ὁ κ. Ἰωάννης Μιχαλόπουλος (Πατησίων 240) δὲν ἑορτάζει, οὔτε δέχεται ἐπισκέψεις.
—Ὁ κ. Ἰωάννης Μιχελάκης, ἰατρός, δὲν ἑορτάζει.
—Ὁ κ. Ἰωάννης Μοσχονᾶς (Σκουφᾶ 14) δὲν θὰ δεχθῇ ἐπισκέψεις.
—Ὁ κ. Ἰωάννης Μουζάκης (Ἀθηνᾶς 8) δὲν ἑορτάζει.
—Ὁ κ. Ἰωάννης Μπαλτᾶς (Νικηφόρου Λύτρα 12) δὲν ἑορτάζει, οὔτε δέχεται ἐπισκέψεις.
—Ὁ κ. Ἰωάννης Μπαρμπαρέσος (Ἁγίας Εἰρήνης 6) δὲν ἑορτάζει.
—Ὁ κ. Ἰωάννης Μπατσάκης (Σόλωνος 68) δὲν θὰ δεχθῇ ἐπισκέψεις.
—Ὁ κ. Ἰωάννης Μπεγλέρης (Σταδίου 22) δὲν ἑορτάζει.
—Ὁ κ. Ἰωάννης Μπελιάς (Ἀλεξάνδρας 9) δὲν ἑορτάζει, οὔτε δέχεται ἐπισκέψεις.
—Ὁ κ. Ἰωάννης Μπενάκης (Κουμπάρη 1) δὲν ἑορτάζει λόγω πένθους.
—Ὁ κ. Ἰωάννης Μπιρμπίλης (Καλλιθέα) δὲν ἑορτάζει.
—Ὁ κ. Ἰωάννης Μπουγάς (Ἐλευθερίου Βενιζέλου 46) δὲν θὰ δεχθῇ ἐπισκέψεις.
—Ὁ κ. Ἰωάννης Μπουρνάζος (Ἀγίου Κωνσταντίνου 7) δὲν ἑορτάζει.
—Ὁ κ. Ἰωάννης Μυλωνᾶς (Βασιλέως Ἡρακλείου 25) δὲν ἑορτάζει, οὔτε δέχεται ἐπισκέψεις.
Ν
—Ὁ κ. Ἰωάννης Ναλμπάντης (Ἀθηνᾶς 4) δὲν ἑορτάζει.
—Ὁ κ. Ἰωάννης Νάστος (Καρνεάδου 14) δὲν θὰ δεχθῇ ἐπισκέψεις.
—Ὁ κ. Ἰωάννης Νεοφύτου (Μεσογείων 8) δὲν ἑορτάζει.
—Ὁ κ. Ἰωάννης Νικολαΐδης (Τσακάλωφ 3) δὲν ἑορτάζει, οὔτε δέχεται ἐπισκέψεις.
—Ὁ κ. Ἰωάννης Νικολάκης (Καλλιθέα) δὲν ἑορτάζει.
—Ὁ κ. Ἰωάννης Νικολόπουλος (Χαριλάου Τρικούπη 10) δὲν θὰ δεχθῇ ἐπισκέψεις.
—Ὁ κ. Ἰωάννης Νίκου (Πειραιεύς) δὲν ἑορτάζει.
—Ὁ κ. Ἰωάννης Νομικός (Φιλελλήνων 10) δὲν ἑορτάζει, οὔτε δέχεται ἐπισκέψεις.
—Ὁ κ. Ἰωάννης Νοταρᾶς (Κλεισθένους 2) δὲν ἑορτάζει.
Ξ
—Ὁ κ. Ἰωάννης Ξανθάκης (Νέα Ἰωνία) δὲν ἑορτάζει.
—Ὁ κ. Ἰωάννης Ξενάκης (Σταδίου 38) δὲν θὰ δεχθῇ ἐπισκέψεις.
—Ὁ κ. Ἰωάννης Ξηροτύρης (Ἀνδρέα Μεταξᾶ 5) δὲν ἑορτάζει.
Ο
—Ὁ κ. Ἰωάννης Οἰκονόμου, συμβολαιογράφος, δὲν ἑορτάζει, οὔτε δέχεται ἐπισκέψεις.
—Ὁ κ. Ἰωάννης Ὀρφανίδης (Ξενοφῶντος 10) δὲν ἑορτάζει.
Π
—Ὁ κ. Ἰωάννης Παλαιολόγος (Ἀθηνᾶς 18) δὲν θὰ δεχθῇ ἐπισκέψεις.
—Ὁ κ. Ἰωάννης Παναγιωτόπουλος (Σίνα 10) δὲν ἑορτάζει.
αλλαπς (Ὄλγας 93) δὲν ἑορτάζει οὔτε δέχεται ἐπισκέψεις.
—Ὁ κ. Ἰωάννης Παναγόπουλος (Πατησίων 44) δὲν ἑορτάζει.
—Ὁ κ. Ἰωάννης Πανουσόπουλος (Ἁγίου Ἀνδρέου 20) δὲν θὰ δεχθῇ ἐπισκέψεις.
—Ὁ κ. Ἰωάννης Παπαγεωργίου (Ἰουλιανοῦ 60) δὲν ἑορτάζει, οὔτε δέχεται ἐπισκέψεις.
—Ὁ κ. Ἰωάννης Παπαδάκης (Ζαΐμη 12) δὲν ἑορτάζει.
—Ὁ κ. Ἰωάννης Παπαδημητρίου (Ἀλεξάνδρας 88) δὲν θὰ δεχθῇ ἐπισκέψεις.
—Ὁ κ. Ἰωάννης Παπαδόπουλος (Βασιλέως Κωνσταντίνου 40) δὲν ἑορτάζει.
—Ὁ κ. Ἰωάννης Παπαζαχαρίου (Σκουφᾶ 2) δὲν ἑορτάζει, οὔτε δέχεται ἐπισκέψεις.
—Ὁ κ. Ἰωάννης Παπαϊωάννου (Μεσογείων 120) δὲν ἑορτάζει.
—Ὁ κ. Ἰωάννης Παπακωνσταντίνου (Ἀκαδημίας 45) δὲν θὰ δεχθῇ ἐπισκέψεις.
—Ὁ κ. Ἰωάννης Παπανικολάου (Κηφισίας 7) δὲν ἑορτάζει.
—Ὁ κ. Ἰωάννης Παπασπύρου (Πανεπιστημίου 56) δὲν ἑορτάζει, οὔτε δέχεται ἐπισκέψεις.
—Ὁ κ. Ἰωάννης Παππᾶς (Καλλιδρομίου 24) δὲν ἑορτάζει.
—Ὁ κ. Ἰωάννης Παράσχος (Ἱπποκράτους 50) δὲν θὰ δεχθῇ ἐπισκέψεις.
—Ὁ κ. Ἰωάννης Πασχαλίδης (Κυψέλης 8) δὲν ἑορτάζει.
—Ὁ κ. Ἰωάννης Πατσούρης (Σόλωνος 30) δὲν ἑορτάζει, οὔτε δέχεται ἐπισκέψεις.
—Ὁ κ. Ἰωάννης Πεπόνης (Δεινοκράτους 36) δὲν ἑορτάζει.
—Ὁ κ. Ἰωάννης Περδικάρης (Χέυδεν 14) δὲν θὰ δεχθῇ ἐπισκέψεις.
—Ὁ κ. Ἰωάννης Πεσμαζόγλου (Σέκερη 2) δὲν ἑορτάζει λόγω πένθους.
—Ὁ κ. Ἰωάννης Πετρόπουλος (Μάρνη 18) δὲν ἑορτάζει.
—Ὁ κ. Ἰωάννης Πλατῆς (Λυκαβηττοῦ 4) δὲν ἑορτάζει, οὔτε δέχεται ἐπισκέψεις.
—Ὁ κ. Ἰωάννης Πολίτης (Μπενάκη 20) δὲν ἑορτάζει.
—Ὁ κ. Ἰωάννης Πολυχρονιάδης (Βουκουρεστίου 33) δὲν θὰ δεχθῇ ἐπισκέψεις.
—Ὁ κ. Ἰωάννης Πουλιόπουλος (Κάνιγγος 15) δὲν ἑορτάζει.
—Ὁ κ. Ἰωάννης Πρασσᾶς (Νίκης 8) δὲν ἑορτάζει, οὔτε δέχεται ἐπισκέψεις.
—Ὁ κ. Ἰωάννης Προκοπίου (Ἀρτέμιδος 10) δὲν ἑορτάζει.
—Ὁ κ. Ἰωάννης Πρωτοπαπᾶς (Πλάκα) δὲν θὰ δεχθῇ ἐπισκέψεις.
—Ὁ κ. Ἰωάννης Πυρουνάκης (Σόλωνος 118) δὲν ἑορτάζει.
ζει οὔτε δέχεται ἐπισκέψεις.
—Ὁ κ. Ἰωάννης Πυρομάλλης (Ἀκαδημίας 43) δὲν ἑορτάζει.
—Ὁ κ. Ἰωάννης Πύρρος (Σταδίου 6) δὲν θὰ δεχθῇ ἐπισκέψεις.
Ρ
—Ὁ κ. Ἰωάννης Ράπτης, ἰατρός (Σταδίου 52) δὲν ἑορτάζει, οὔτε δέχεται ἐπισκέψεις.
—Ὁ κ. Ἰωάννης Ραυτόπουλος (Κολοκοτρώνη 18) δὲν ἑορτάζει.
—Ὁ κ. Ἰωάννης Ρεμούνδος (Ἀλκιβιάδου 11) δὲν θὰ δεχθῇ ἐπισκέψεις.
—Ὁ κ. Ἰωάννης Ρήγας (Ἱπποκράτους 66) δὲν ἑορτάζει.
—Ὁ κ. Ἰωάννης Ροδάκης (Ἑρμοῦ 30) δὲν ἑορτάζει, οὔτε δέχεται ἐπισκέψεις.
—Ὁ κ. Ἰωάννης Ρούσσος (Βασιλίσσης Σοφίας 8) δὲν ἑορτάζει.
—Ὁ κ. Ἰωάννης Ρουσόπουλος (Πατησίων 14) δὲν θὰ δεχθῇ ἐπισκέψεις.
—Ὁ κ. Ἰωάννης Ρωμανός, διευθυντής, δὲν ἑορτάζει.
Σ
—Ὁ κ. Ἰωάννης Σαββίδης (Ἀνδρονίκου 11) δὲν ἑορτάζει, οὔτε δέχεται ἐπισκέψεις.
—Ὁ κ. Ἰωάννης Σακελλαρίου (Μαυρομιχάλη 22) δὲν ἑορτάζει.
—Ὁ κ. Ἰωάννης Σαμαρᾶς (Δελφῶν 7) δὲν θὰ δεχθῇ ἐπισκέψεις.
—Ὁ κ. Ἰωάννης Σαρρῆς (Θεμιστοκλέους 20) δὲν ἑορτάζει.
—Ὁ κ. Ἰωάννης Σγουρὸς (Ἀργυροκάστρου 4) δὲν ἑορτάζει, οὔτε δέχεται ἐπισκέψεις.
—Ὁ κ. Ἰωάννης Σιδέρης (Ἀχαρνῶν 90) δὲν ἑορτάζει.
—Ὁ κ. Ἰωάννης Σκαλτσᾶς (Σπετσῶν 12) δὲν θὰ δεχθῇ ἐπισκέψεις.
—Ὁ κ. Ἰωάννης Σκουλούδης (Βασιλίσσης Σοφίας 10) δὲν ἑορτάζει λόγω πένθους.
—Ὁ κ. Ἰωάννης Σοφιανὸς (Τσακάλωφ 40) δὲν ἑορτάζει.
—Ὁ κ. Ἰωάννης Σπανός (Πειραιεύς) δὲν ἑορτάζει, οὔτε δέχεται ἐπισκέψεις.
—Ὁ κ. Ἰωάννης Σπηλιόπουλος (Πατησίων 158) δὲν ἑορτάζει.
—Ὁ κ. Ἰωάννης Σταματόπουλος (Κυψέλης 31) δὲν θὰ δεχθῇ ἐπισκέψεις.
—Ὁ κ. Ἰωάννης Σταυρίδης (Κολοκοτρώνη 9) δὲν ἑορτάζει.
—Ὁ κ. Ἰωάννης Στεφανίδης (Σκρα 3) δὲν ἑορτάζει, οὔτε δέχεται ἐπισκέψεις.
—Ὁ κ. Ἰωάννης Στρατηγόπουλος (Λαμψάκου 5) δὲν ἑορτάζει.
—Ὁ κ. Ἰωάννης Σφακιανάκης (Ἀθηνᾶς 40) δὲν θὰ δεχθῇ ἐπισκέψεις.
Τ
—Ὁ κ. Ἰωάννης Ταμβακᾶς (Νικηταρᾶ 8) δὲν ἑορτάζει.
—Ὁ κ. Ἰωάννης Τζαννετάκης (Βαλαωρίτου 14) δὲν ἑορτάζει, οὔτε δέχεται ἐπισκέψεις.
—Ὁ κ. Ἰωάννης Τζάνος (Χαλάνδρι) δὲν ἑορτάζει.
—Ὁ κ. Ἰωάννης Τζίτζης (Γλυφάδα) δὲν θὰ δεχθῇ ἐπισκέψεις.
—Ὁ κ. Ἰωάννης Τούμπας (Ἁγίας Παρασκευῆς 11) δὲν ἑορτάζει.
χεται ἐπισκέψεις.
—Ὁ κ. Ἰωάννης Τρακάκης (Φωκίωνος Νέγρη 12) δὲν ἑορτάζει.
—Ὁ κ. Ἰωάννης Τριανταφυλλίδης (Σουλτάνη 3) δὲν θὰ δεχθῇ ἐπισκέψεις.
—Ὁ κ. Ἰωάννης Τριανταφυλλόπουλος (Στουρνάρη 44) δὲν ἑορτάζει, οὔτε δέχεται ἐπισκέψεις.
—Ὁ κ. Ἰωάννης Τρικούπης (Κηφισιὰ) δὲν ἑορτάζει.
—Ὁ κ. Ἰωάννης Τσαγκάρης (Πατησίων 8) δὲν ἑορτάζει.
—Ὁ κ. Ἰωάννης Τσακαλώτος (Βασιλέως Παύλου 24) δὲν θὰ δεχθῇ ἐπισκέψεις.
—Ὁ κ. Ἰωάννης Τσαλδάρης (Σόλωνος 26) δὲν ἑορτάζει.
—Ὁ κ. Ἰωάννης Τσαουσόγλου (Ἀκαδημίας 92) δὲν ἑορτάζει, οὔτε δέχεται ἐπισκέψεις.
—Ὁ κ. Ἰωάννης Τσιριμώκος (Πλάτωνος 6) δὲν ἑορτάζει.
—Ὁ κ. Ἰωάννης Τσουδερὸς (Ρηγίλλης 10) δὲν θὰ δεχθῇ ἐπισκέψεις.
Φ
—Ὁ κ. Ἰωάννης Φαλτσιώτης (Λέκκα 19) δὲν ἑορτάζει.
—Ὁ κ. Ἰωάννης Φιλιππίδης (Ἀσκληπιοῦ 30) δὲν ἑορτάζει, οὔτε δέχεται ἐπισκέψεις.
—Ὁ κ. Ἰωάννης Φλωρᾶς (Φιλοθέη) δὲν ἑορτάζει.
—Ἡ κ. Φανὴ Φραγκουλοπούλου (Πειραιεύς) δὲν θὰ δεχθῇ ἐπισκέψεις.
—Ὁ κ. Ἰωάννης Φωτόπουλος (Σκουφᾶ 64) δὲν ἑορτάζει.
Χ
—Ὁ κ. Ἰωάννης Χαλκίδης (Δεινοκράτους 6) δὲν ἑορτάζει, οὔτε δέχεται ἐπισκέψεις.
—Ὁ κ. Ἰωάννης Χαριτάκης (Ἀθηνᾶς 17) δὲν ἑορτάζει.
—Ὁ κ. Ἰωάννης Χατζηγεωργίου (Μητροπόλεως 3) δὲν θὰ δεχθῇ ἐπισκέψεις.
—Ὁ κ. Ἰωάννης Χατζηδάκης (Ἀμερικῆς 20) δὲν ἑορτάζει.
—Ὁ κ. Ἰωάννης Χατζηπέτρου (Σόλωνος 94) δὲν ἑορτάζει, οὔτε δέχεται ἐπισκέψεις.
—Ὁ κ. Ἰωάννης Χρηστίδης (Λεωφόρος Ἀλεξάνδρας 64) δὲν ἑορτάζει.
—Ὁ κ. Ἰωάννης Χριστάκης (Κηφισιὰ) δὲν θὰ δεχθῇ ἐπισκέψεις.
—Ὁ κ. Ἰωάννης Χρυσοχόος (Νέον Φάληρον) δὲν ἑορτάζει.
ΣΥΝΕΧΕΙΑ ΕΙΣ ΤΗΝ 8ην ΣΕΛ.
